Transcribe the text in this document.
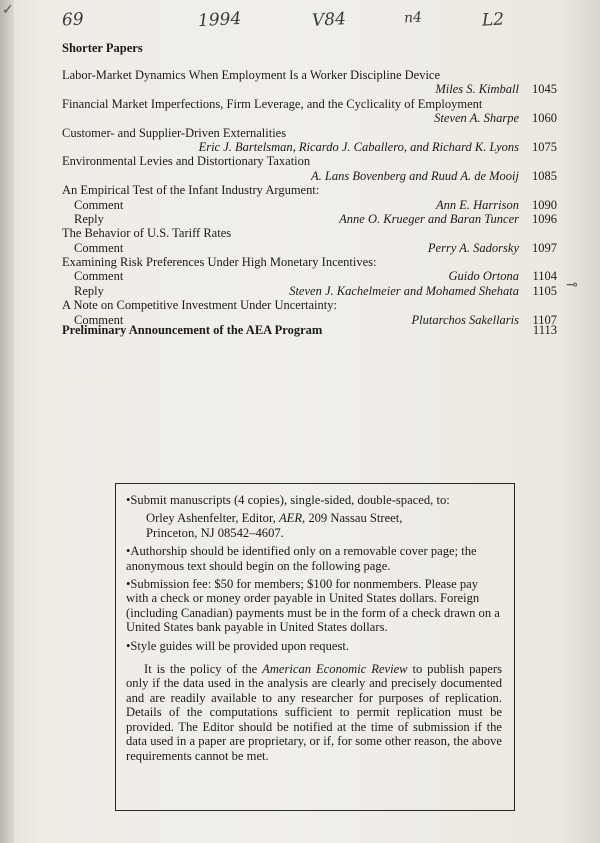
69	1994	V84	n4	L2
⊸
✓
Shorter Papers
Labor-Market Dynamics When Employment Is a Worker Discipline Device
Miles S. Kimball	1045
Financial Market Imperfections, Firm Leverage, and the Cyclicality of Employment
Steven A. Sharpe	1060
Customer- and Supplier-Driven Externalities
Eric J. Bartelsman, Ricardo J. Caballero, and Richard K. Lyons	1075
Environmental Levies and Distortionary Taxation
A. Lans Bovenberg and Ruud A. de Mooij	1085
An Empirical Test of the Infant Industry Argument:
Comment	Ann E. Harrison	1090
Reply	Anne O. Krueger and Baran Tuncer	1096
The Behavior of U.S. Tariff Rates
Comment	Perry A. Sadorsky	1097
Examining Risk Preferences Under High Monetary Incentives:
Comment	Guido Ortona	1104
Reply	Steven J. Kachelmeier and Mohamed Shehata	1105
A Note on Competitive Investment Under Uncertainty:
Comment	Plutarchos Sakellaris	1107
Preliminary Announcement of the AEA Program	1113

•Submit manuscripts (4 copies), single-sided, double-spaced, to:

Orley Ashenfelter, Editor, AER, 209 Nassau Street,

Princeton, NJ 08542–4607.

•Authorship should be identified only on a removable cover page; the anonymous text should begin on the following page.

•Submission fee: $50 for members; $100 for nonmembers. Please pay with a check or money order payable in United States dollars. Foreign (including Canadian) payments must be in the form of a check drawn on a United States bank payable in United States dollars.

•Style guides will be provided upon request.

It is the policy of the American Economic Review to publish papers only if the data used in the analysis are clearly and precisely documented and are readily available to any researcher for purposes of replication. Details of the computations sufficient to permit replication must be provided. The Editor should be notified at the time of submission if the data used in a paper are proprietary, or if, for some other reason, the above requirements cannot be met.
